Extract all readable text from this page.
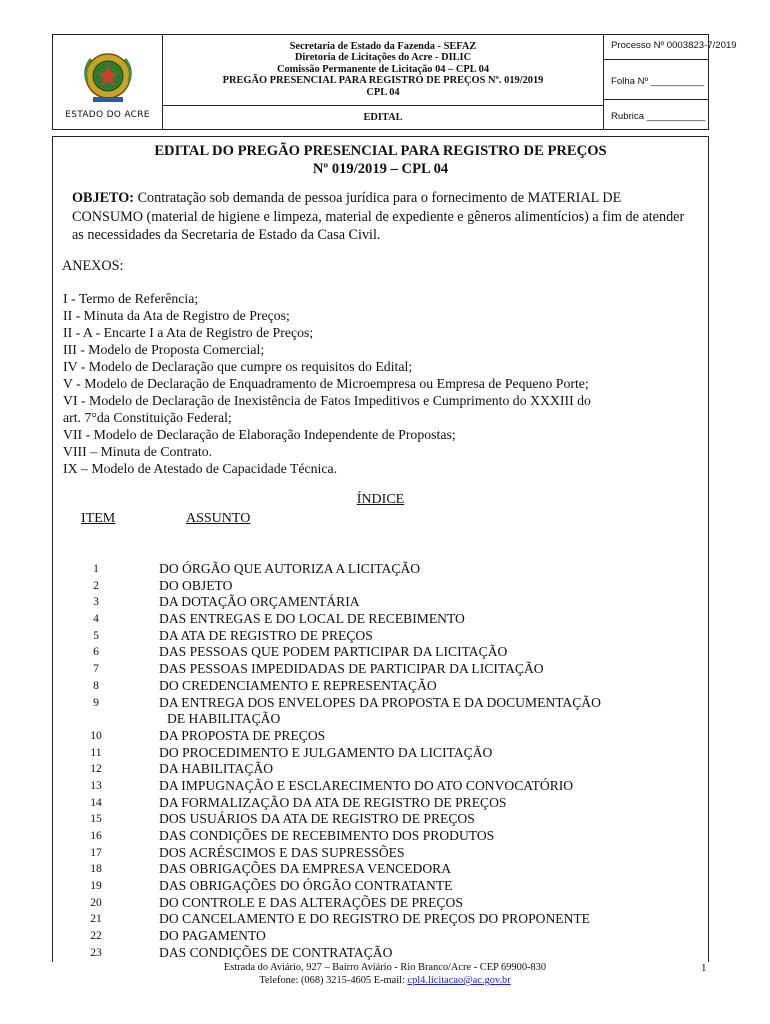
ESTADO DO ACRE
Secretaria de Estado da Fazenda - SEFAZ
Diretoria de Licitações do Acre - DILIC
Comissão Permanente de Licitação 04 – CPL 04
PREGÃO PRESENCIAL PARA REGISTRO DE PREÇOS Nº. 019/2019
CPL 04
EDITAL
Processo Nº 0003823-7/2019
Folha Nº __________
Rubrica ___________
EDITAL DO PREGÃO PRESENCIAL PARA REGISTRO DE PREÇOS
Nº 019/2019 – CPL 04
OBJETO: Contratação sob demanda de pessoa jurídica para o fornecimento de MATERIAL DE CONSUMO (material de higiene e limpeza, material de expediente e gêneros alimentícios) a fim de atender as necessidades da Secretaria de Estado da Casa Civil.
ANEXOS:
I - Termo de Referência;
II - Minuta da Ata de Registro de Preços;
II - A - Encarte I a Ata de Registro de Preços;
III - Modelo de Proposta Comercial;
IV - Modelo de Declaração que cumpre os requisitos do Edital;
V - Modelo de Declaração de Enquadramento de Microempresa ou Empresa de Pequeno Porte;
VI - Modelo de Declaração de Inexistência de Fatos Impeditivos e Cumprimento do XXXIII do
art. 7°da Constituição Federal;
VII - Modelo de Declaração de Elaboração Independente de Propostas;
VIII – Minuta de Contrato.
IX – Modelo de Atestado de Capacidade Técnica.
ÍNDICE
ITEM	ASSUNTO
1	DO ÓRGÃO QUE AUTORIZA A LICITAÇÃO
2	DO OBJETO
3	DA DOTAÇÃO ORÇAMENTÁRIA
4	DAS ENTREGAS E DO LOCAL DE RECEBIMENTO
5	DA ATA DE REGISTRO DE PREÇOS
6	DAS PESSOAS QUE PODEM PARTICIPAR DA LICITAÇÃO
7	DAS PESSOAS IMPEDIDADAS DE PARTICIPAR DA LICITAÇÃO
8	DO CREDENCIAMENTO E REPRESENTAÇÃO
9	DA ENTREGA DOS ENVELOPES DA PROPOSTA E DA DOCUMENTAÇÃO
DE HABILITAÇÃO
10	DA PROPOSTA DE PREÇOS
11	DO PROCEDIMENTO E JULGAMENTO DA LICITAÇÃO
12	DA HABILITAÇÃO
13	DA IMPUGNAÇÃO E ESCLARECIMENTO DO ATO CONVOCATÓRIO
14	DA FORMALIZAÇÃO DA ATA DE REGISTRO DE PREÇOS
15	DOS USUÁRIOS DA ATA DE REGISTRO DE PREÇOS
16	DAS CONDIÇÕES DE RECEBIMENTO DOS PRODUTOS
17	DOS ACRÉSCIMOS E DAS SUPRESSÕES
18	DAS OBRIGAÇÕES DA EMPRESA VENCEDORA
19	DAS OBRIGAÇÕES DO ÓRGÃO CONTRATANTE
20	DO CONTROLE E DAS ALTERAÇÕES DE PREÇOS
21	DO CANCELAMENTO E DO REGISTRO DE PREÇOS DO PROPONENTE
22	DO PAGAMENTO
23	DAS CONDIÇÕES DE CONTRATAÇÃO
Estrada do Aviário, 927 – Bairro Aviário - Rio Branco/Acre - CEP 69900-830
Telefone: (068) 3215-4605 E-mail: cpl4.licitacao@ac.gov.br
1
